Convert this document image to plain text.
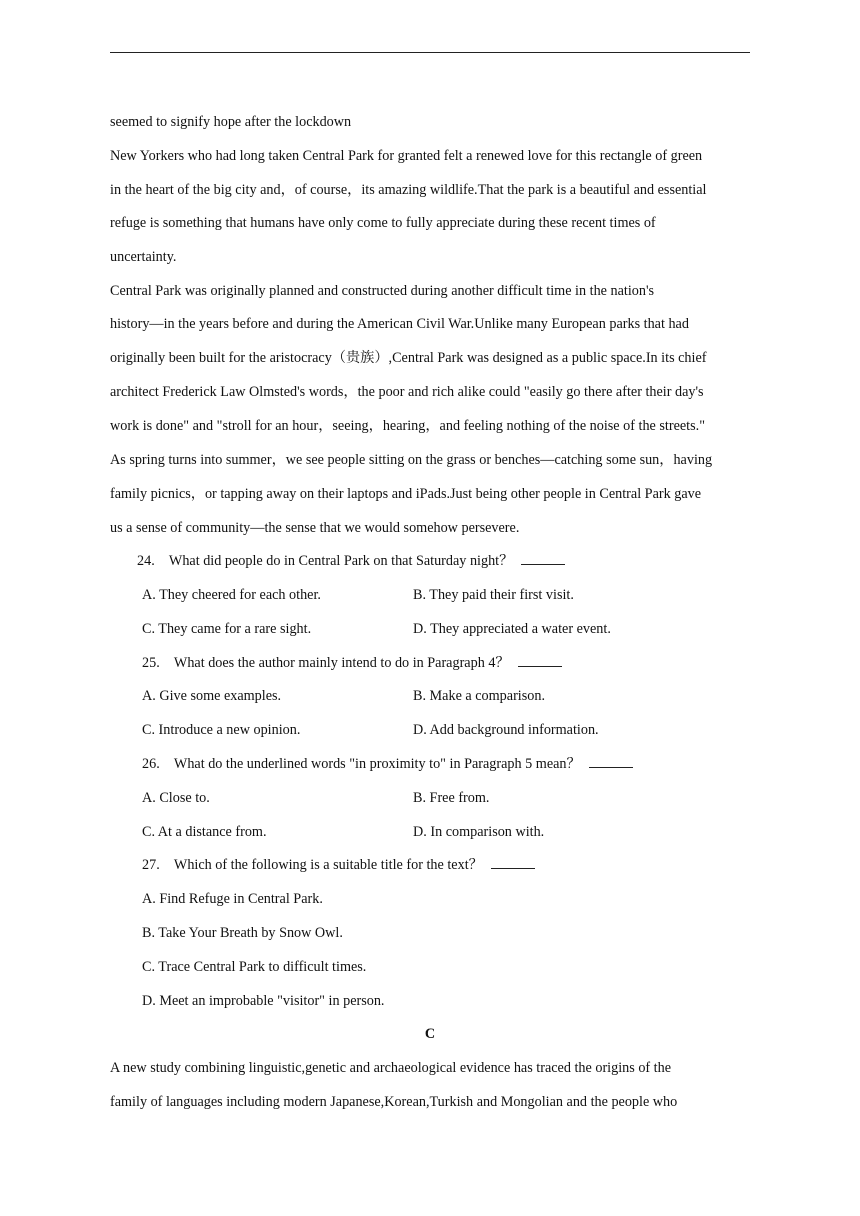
seemed to signify hope after the lockdown
New Yorkers who had long taken Central Park for granted felt a renewed love for this rectangle of green
in the heart of the big city and，of course，its amazing wildlife.That the park is a beautiful and essential
refuge is something that humans have only come to fully appreciate during these recent times of
uncertainty.
Central Park was originally planned and constructed during another difficult time in the nation's
history—in the years before and during the American Civil War.Unlike many European parks that had
originally been built for the aristocracy（贵族）,Central Park was designed as a public space.In its chief
architect Frederick Law Olmsted's words，the poor and rich alike could "easily go there after their day's
work is done" and "stroll for an hour，seeing，hearing，and feeling nothing of the noise of the streets."
As spring turns into summer，we see people sitting on the grass or benches—catching some sun，having
family picnics，or tapping away on their laptops and iPads.Just being other people in Central Park gave
us a sense of community—the sense that we would somehow persevere.
24.  What did people do in Central Park on that Saturday night？
A. They cheered for each other.	B. They paid their first visit.
C. They came for a rare sight.	D. They appreciated a water event.
25.  What does the author mainly intend to do in Paragraph 4？
A. Give some examples.	B. Make a comparison.
C. Introduce a new opinion.	D. Add background information.
26.  What do the underlined words "in proximity to" in Paragraph 5 mean？
A. Close to.	B. Free from.
C. At a distance from.	D. In comparison with.
27.  Which of the following is a suitable title for the text？
A. Find Refuge in Central Park.
B. Take Your Breath by Snow Owl.
C. Trace Central Park to difficult times.
D. Meet an improbable "visitor" in person.
C
A new study combining linguistic,genetic and archaeological evidence has traced the origins of the
family of languages including modern Japanese,Korean,Turkish and Mongolian and the people who
